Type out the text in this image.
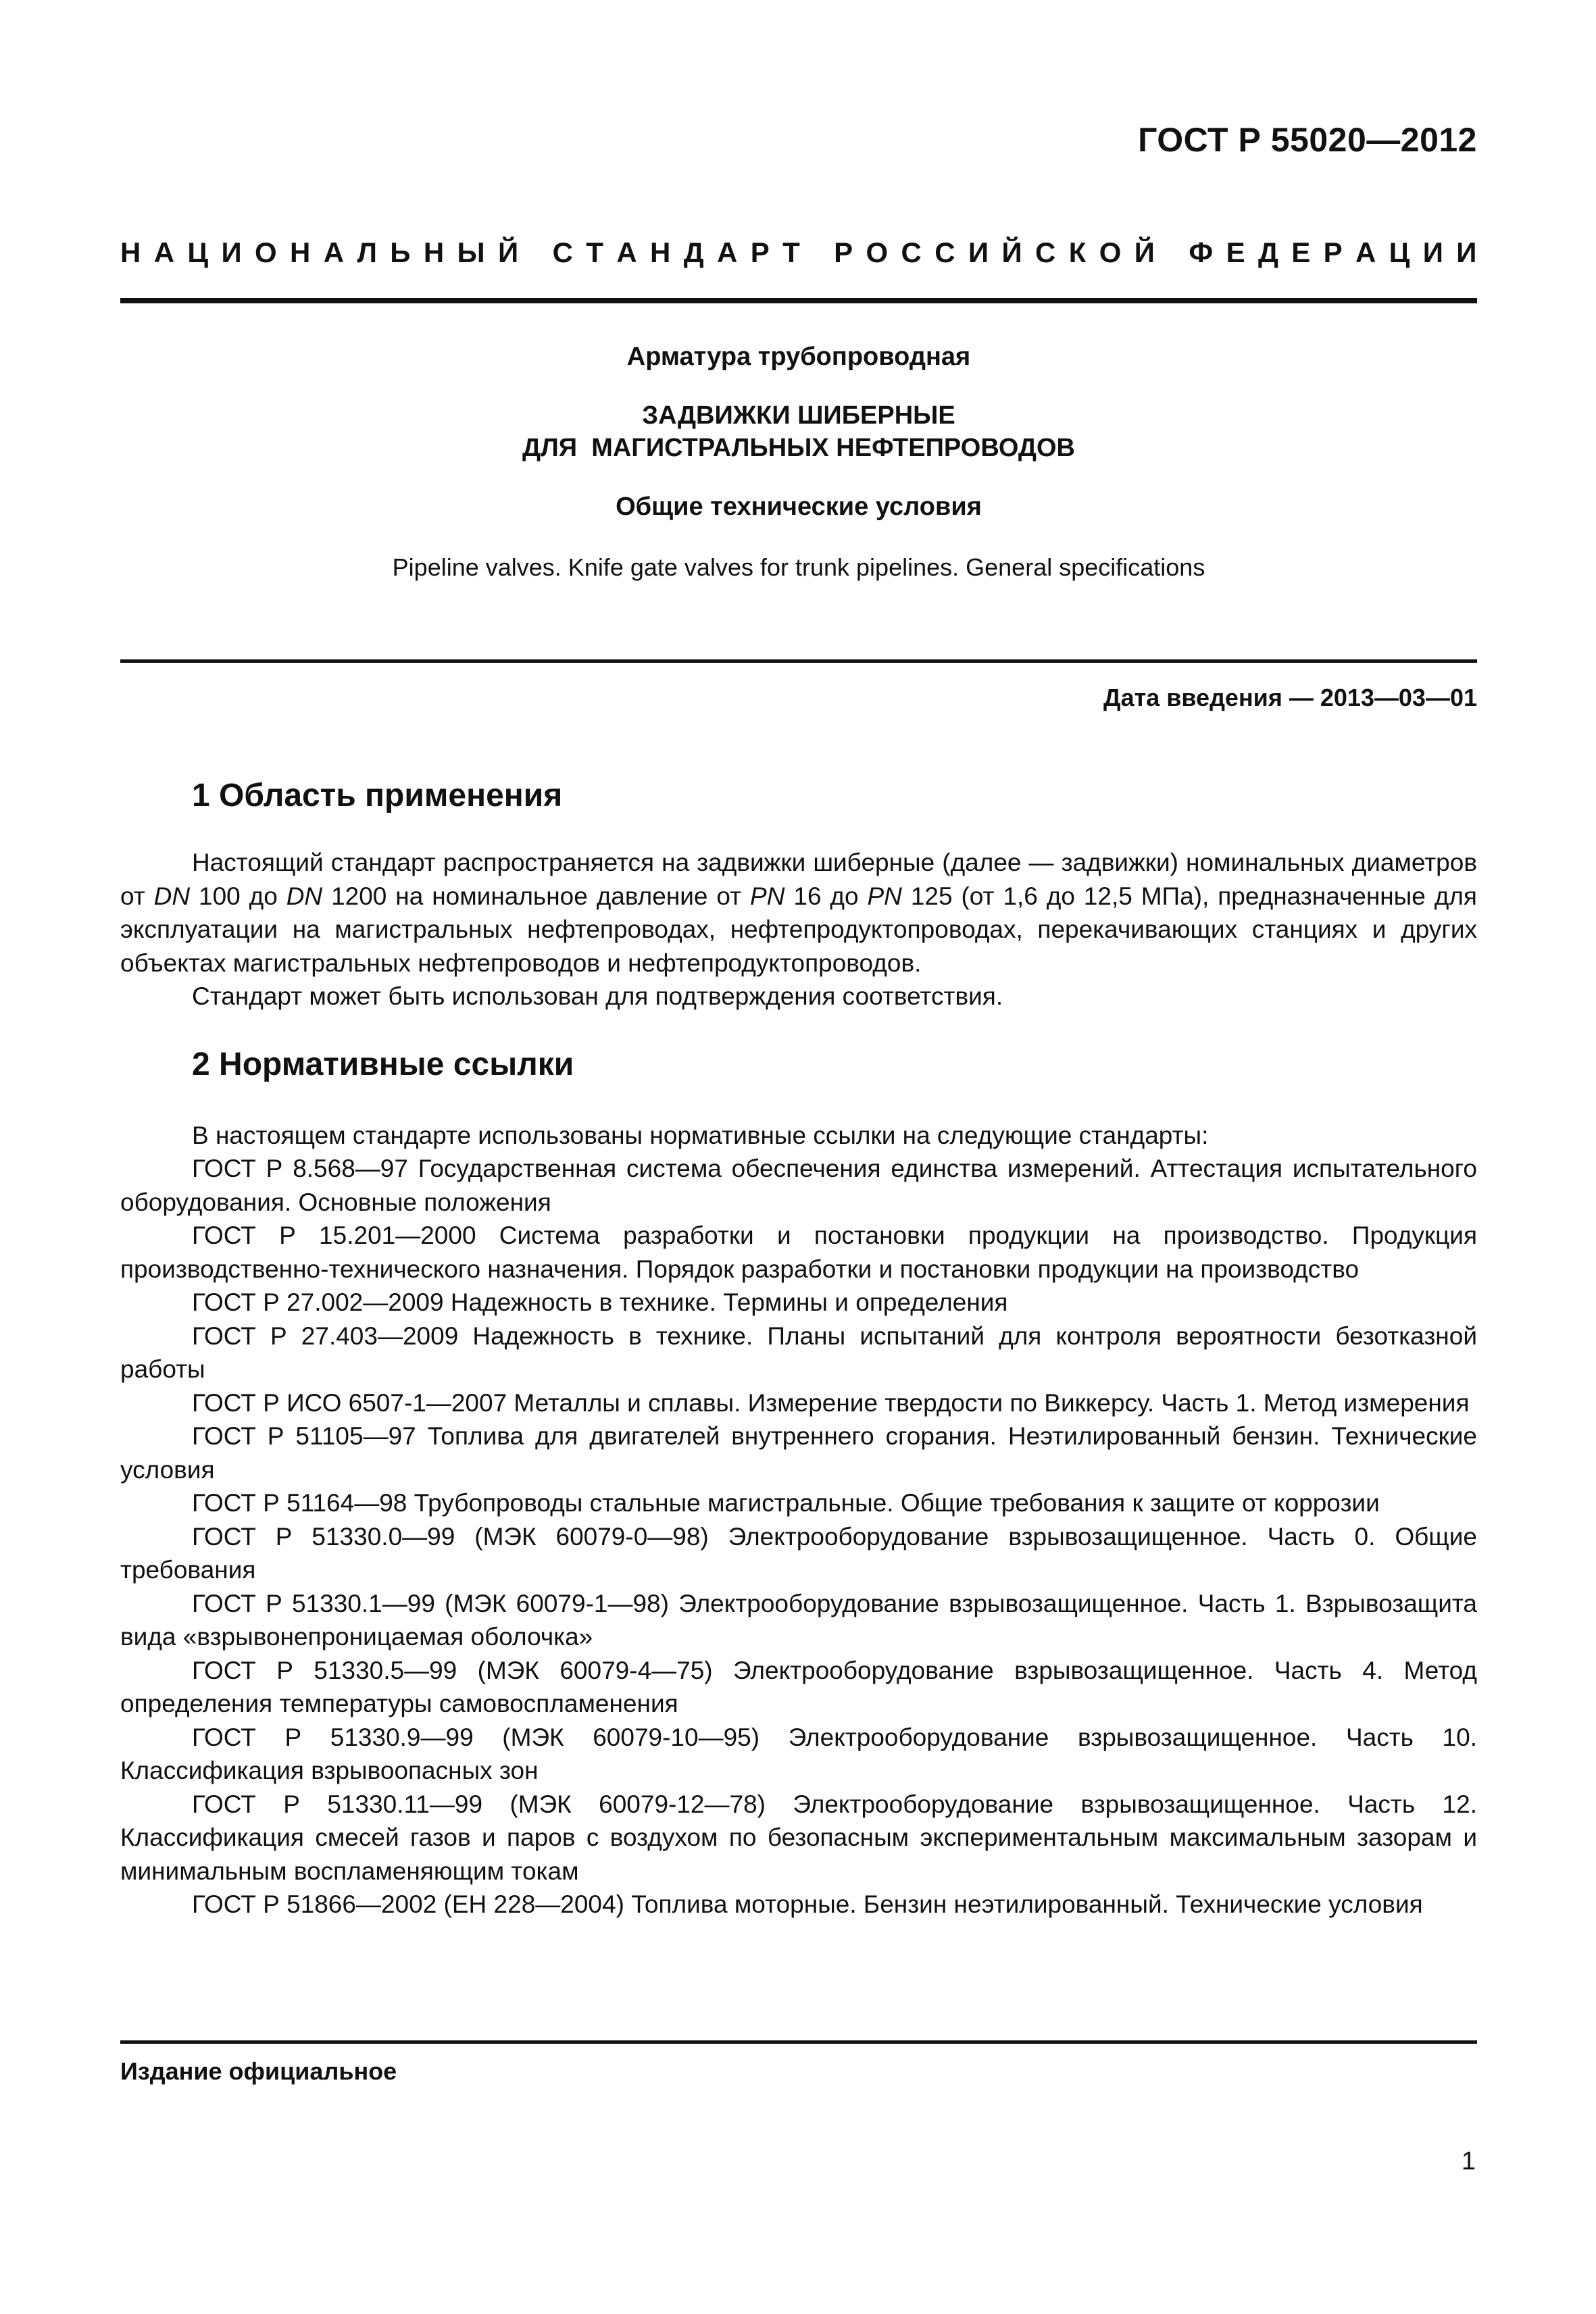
ГОСТ Р 55020—2012
Н А Ц И О Н А Л Ь Н Ы Й
С Т А Н Д А Р Т
Р О С С И Й С К О Й
Ф Е Д Е Р А Ц И И

Арматура трубопроводная

ЗАДВИЖКИ ШИБЕРНЫЕ
ДЛЯ  МАГИСТРАЛЬНЫХ НЕФТЕПРОВОДОВ

Общие технические условия

Pipeline valves. Knife gate valves for trunk pipelines. General specifications

Дата введения — 2013—03—01
1 Область применения

Настоящий стандарт распространяется на задвижки шиберные (далее — задвижки) номинальных диаметров от DN 100 до DN 1200 на номинальное давление от PN 16 до PN 125 (от 1,6 до 12,5 МПа), предназначенные для эксплуатации на магистральных нефтепроводах, нефтепродуктопроводах, перекачивающих станциях и других объектах магистральных нефтепроводов и нефтепродуктопроводов.

Стандарт может быть использован для подтверждения соответствия.

2 Нормативные ссылки

В настоящем стандарте использованы нормативные ссылки на следующие стандарты:

ГОСТ Р 8.568—97 Государственная система обеспечения единства измерений. Аттестация испытательного оборудования. Основные положения

ГОСТ Р 15.201—2000 Система разработки и постановки продукции на производство. Продукция производственно-технического назначения. Порядок разработки и постановки продукции на производство

ГОСТ Р 27.002—2009 Надежность в технике. Термины и определения

ГОСТ Р 27.403—2009 Надежность в технике. Планы испытаний для контроля вероятности безотказной работы

ГОСТ Р ИСО 6507-1—2007 Металлы и сплавы. Измерение твердости по Виккерсу. Часть 1. Метод измерения

ГОСТ Р 51105—97 Топлива для двигателей внутреннего сгорания. Неэтилированный бензин. Технические условия

ГОСТ Р 51164—98 Трубопроводы стальные магистральные. Общие требования к защите от коррозии

ГОСТ Р 51330.0—99 (МЭК 60079-0—98) Электрооборудование взрывозащищенное. Часть 0. Общие требования

ГОСТ Р 51330.1—99 (МЭК 60079-1—98) Электрооборудование взрывозащищенное. Часть 1. Взрывозащита вида «взрывонепроницаемая оболочка»

ГОСТ Р 51330.5—99 (МЭК 60079-4—75) Электрооборудование взрывозащищенное. Часть 4. Метод определения температуры самовоспламенения

ГОСТ Р 51330.9—99 (МЭК 60079-10—95) Электрооборудование взрывозащищенное. Часть 10. Классификация взрывоопасных зон

ГОСТ Р 51330.11—99 (МЭК 60079-12—78) Электрооборудование взрывозащищенное. Часть 12. Классификация смесей газов и паров с воздухом по безопасным экспериментальным максимальным зазорам и минимальным воспламеняющим токам

ГОСТ Р 51866—2002 (ЕН 228—2004) Топлива моторные. Бензин неэтилированный. Технические условия

Издание официальное
1
